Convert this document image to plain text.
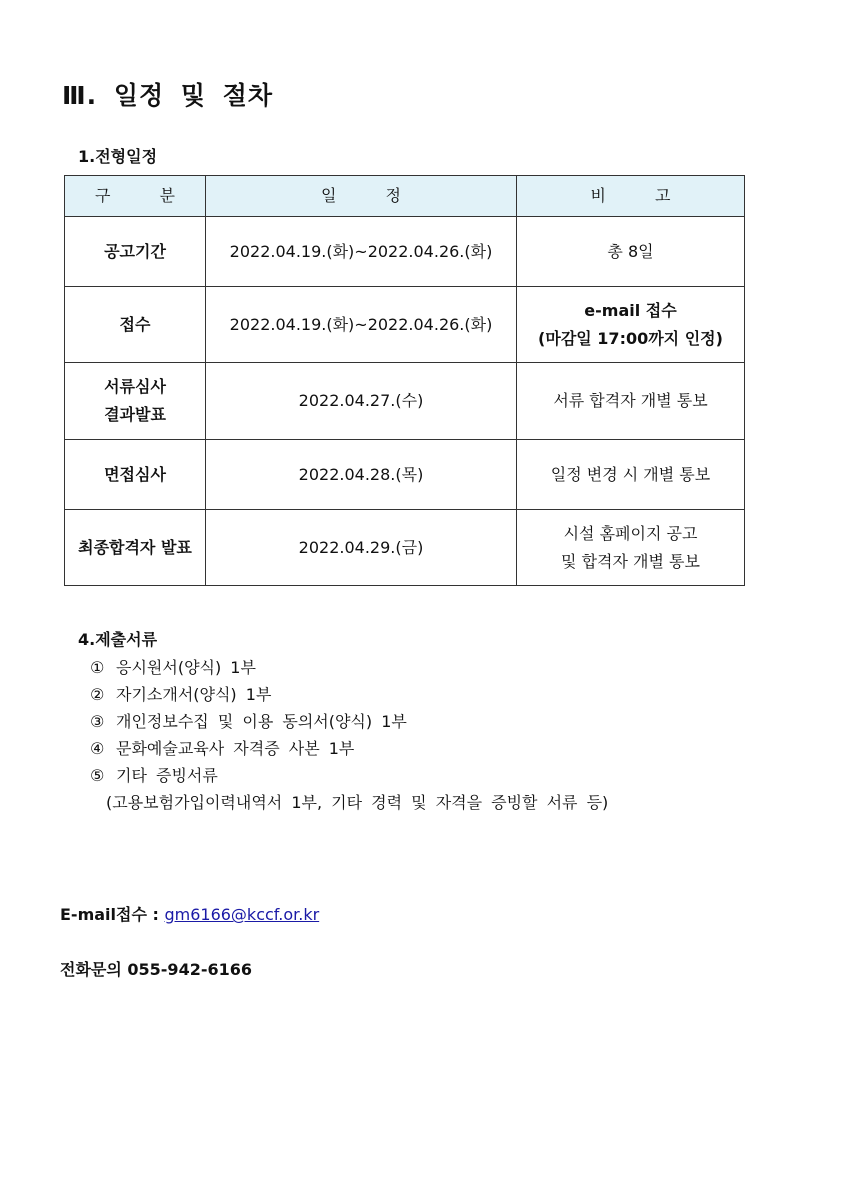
Ⅲ. 일정 및 절차
1.전형일정
구 분	일 정	비 고

공고기간	2022.04.19.(화)~2022.04.26.(화)	총 8일

접수	2022.04.19.(화)~2022.04.26.(화)	e-mail 접수
(마감일 17:00까지 인정)

서류심사
결과발표	2022.04.27.(수)	서류 합격자 개별 통보

면접심사	2022.04.28.(목)	일정 변경 시 개별 통보

최종합격자 발표	2022.04.29.(금)	시설 홈페이지 공고
및 합격자 개별 통보
4.제출서류
① 응시원서(양식) 1부
② 자기소개서(양식) 1부
③ 개인정보수집 및 이용 동의서(양식) 1부
④ 문화예술교육사 자격증 사본 1부
⑤ 기타 증빙서류
(고용보험가입이력내역서 1부, 기타 경력 및 자격을 증빙할 서류 등)
E-mail접수 : gm6166@kccf.or.kr
전화문의 055-942-6166
